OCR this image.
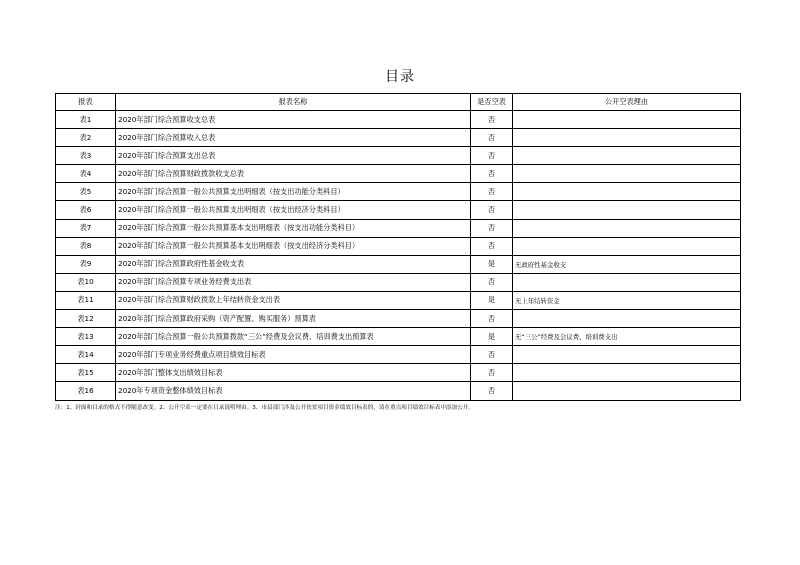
目录
报表	报表名称	是否空表	公开空表理由
表1	2020年部门综合预算收支总表	否	
表2	2020年部门综合预算收入总表	否	
表3	2020年部门综合预算支出总表	否	
表4	2020年部门综合预算财政拨款收支总表	否	
表5	2020年部门综合预算一般公共预算支出明细表（按支出功能分类科目）	否	
表6	2020年部门综合预算一般公共预算支出明细表（按支出经济分类科目）	否	
表7	2020年部门综合预算一般公共预算基本支出明细表（按支出功能分类科目）	否	
表8	2020年部门综合预算一般公共预算基本支出明细表（按支出经济分类科目）	否	
表9	2020年部门综合预算政府性基金收支表	是	无政府性基金收支
表10	2020年部门综合预算专项业务经费支出表	否	
表11	2020年部门综合预算财政拨款上年结转资金支出表	是	无上年结转资金
表12	2020年部门综合预算政府采购（资产配置、购买服务）预算表	否	
表13	2020年部门综合预算一般公共预算拨款“三公”经费及会议费、培训费支出预算表	是	无“三公”经费及会议费、培训费支出
表14	2020年部门专项业务经费重点项目绩效目标表	否	
表15	2020年部门整体支出绩效目标表	否	
表16	2020年专项资金整体绩效目标表	否	
注：1、封面和目录的格式不得随意改变。2、公开空表一定要在目录说明理由。3、市县部门涉及公开扶贫项目资金绩效目标表的，请在重点项目绩效目标表中添加公开。
